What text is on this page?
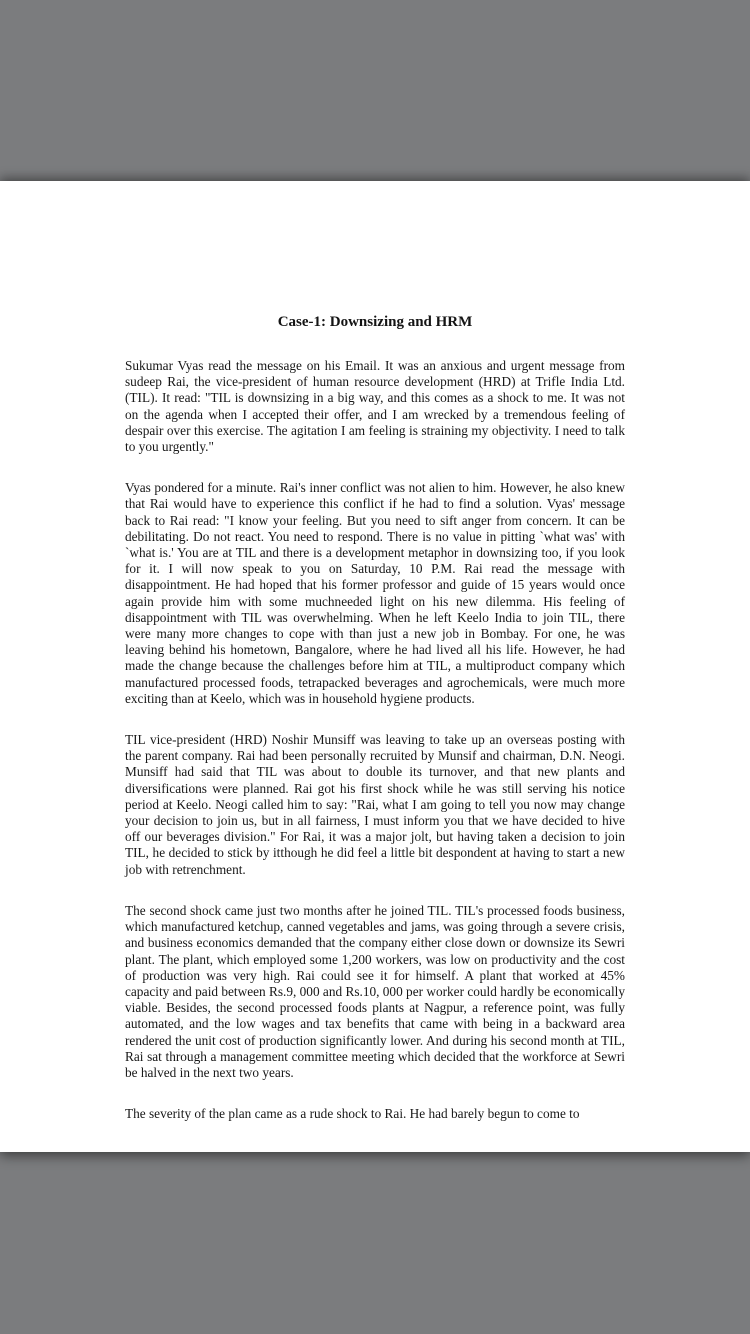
Case-1: Downsizing and HRM

Sukumar Vyas read the message on his Email. It was an anxious and urgent message from sudeep Rai, the vice-president of human resource development (HRD) at Trifle India Ltd. (TIL). It read: "TIL is downsizing in a big way, and this comes as a shock to me. It was not on the agenda when I accepted their offer, and I am wrecked by a tremendous feeling of despair over this exercise. The agitation I am feeling is straining my objectivity. I need to talk to you urgently."

Vyas pondered for a minute. Rai's inner conflict was not alien to him. However, he also knew that Rai would have to experience this conflict if he had to find a solution. Vyas' message back to Rai read: "I know your feeling. But you need to sift anger from concern. It can be debilitating. Do not react. You need to respond. There is no value in pitting `what was' with `what is.' You are at TIL and there is a development metaphor in downsizing too, if you look for it. I will now speak to you on Saturday, 10 P.M. Rai read the message with disappointment. He had hoped that his former professor and guide of 15 years would once again provide him with some muchneeded light on his new dilemma. His feeling of disappointment with TIL was overwhelming. When he left Keelo India to join TIL, there were many more changes to cope with than just a new job in Bombay. For one, he was leaving behind his hometown, Bangalore, where he had lived all his life. However, he had made the change because the challenges before him at TIL, a multiproduct company which manufactured processed foods, tetrapacked beverages and agrochemicals, were much more exciting than at Keelo, which was in household hygiene products.

TIL vice-president (HRD) Noshir Munsiff was leaving to take up an overseas posting with the parent company. Rai had been personally recruited by Munsif and chairman, D.N. Neogi. Munsiff had said that TIL was about to double its turnover, and that new plants and diversifications were planned. Rai got his first shock while he was still serving his notice period at Keelo. Neogi called him to say: "Rai, what I am going to tell you now may change your decision to join us, but in all fairness, I must inform you that we have decided to hive off our beverages division." For Rai, it was a major jolt, but having taken a decision to join TIL, he decided to stick by itthough he did feel a little bit despondent at having to start a new job with retrenchment.

The second shock came just two months after he joined TIL. TIL's processed foods business, which manufactured ketchup, canned vegetables and jams, was going through a severe crisis, and business economics demanded that the company either close down or downsize its Sewri plant. The plant, which employed some 1,200 workers, was low on productivity and the cost of production was very high. Rai could see it for himself. A plant that worked at 45% capacity and paid between Rs.9, 000 and Rs.10, 000 per worker could hardly be economically viable. Besides, the second processed foods plants at Nagpur, a reference point, was fully automated, and the low wages and tax benefits that came with being in a backward area rendered the unit cost of production significantly lower. And during his second month at TIL, Rai sat through a management committee meeting which decided that the workforce at Sewri be halved in the next two years.

The severity of the plan came as a rude shock to Rai. He had barely begun to come to
